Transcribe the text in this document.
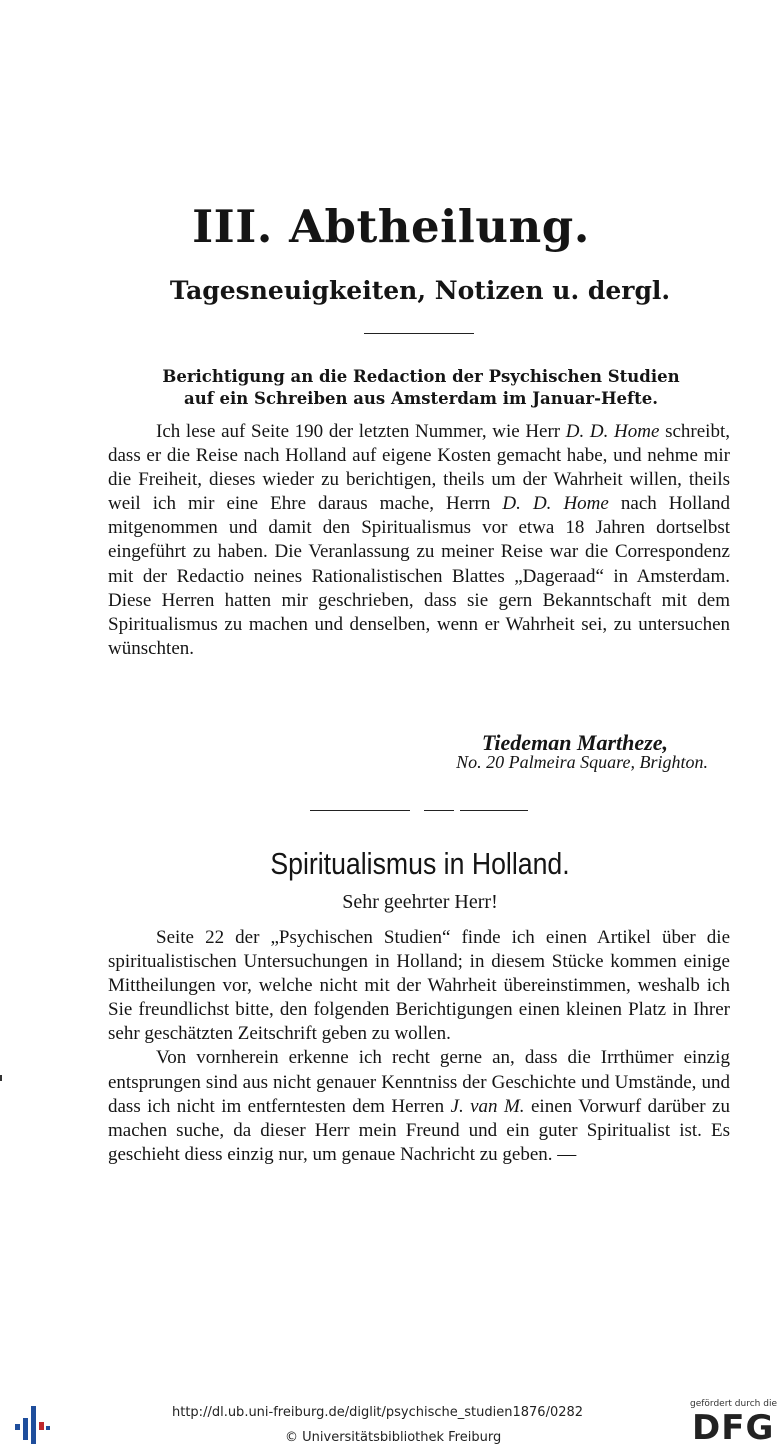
III. Abtheilung.
Tagesneuigkeiten, Notizen u. dergl.
Berichtigung an die Redaction der Psychischen Studien
auf ein Schreiben aus Amsterdam im Januar-Hefte.

Ich lese auf Seite 190 der letzten Nummer, wie Herr D. D. Home schreibt, dass er die Reise nach Holland auf eigene Kosten gemacht habe, und nehme mir die Freiheit, dieses wieder zu berichtigen, theils um der Wahrheit willen, theils weil ich mir eine Ehre daraus mache, Herrn D. D. Home nach Holland mitgenommen und damit den Spiritualismus vor etwa 18 Jahren dortselbst eingeführt zu haben. Die Veranlassung zu meiner Reise war die Correspondenz mit der Redactio neines Rationalistischen Blattes „Dageraad“ in Amsterdam. Diese Herren hatten mir geschrieben, dass sie gern Bekanntschaft mit dem Spiritualismus zu machen und denselben, wenn er Wahrheit sei, zu untersuchen wünschten.

Tiedeman Martheze,
No. 20 Palmeira Square, Brighton.
Spiritualismus in Holland.
Sehr geehrter Herr!

Seite 22 der „Psychischen Studien“ finde ich einen Artikel über die spiritualistischen Untersuchungen in Holland; in diesem Stücke kommen einige Mittheilungen vor, welche nicht mit der Wahrheit übereinstimmen, weshalb ich Sie freundlichst bitte, den folgenden Berichtigungen einen kleinen Platz in Ihrer sehr geschätzten Zeitschrift geben zu wollen.

Von vornherein erkenne ich recht gerne an, dass die Irrthümer einzig entsprungen sind aus nicht genauer Kenntniss der Geschichte und Umstände, und dass ich nicht im entferntesten dem Herren J. van M. einen Vorwurf darüber zu machen suche, da dieser Herr mein Freund und ein guter Spiritualist ist. Es geschieht diess einzig nur, um genaue Nachricht zu geben. —

http://dl.ub.uni-freiburg.de/diglit/psychische_studien1876/0282
© Universitätsbibliothek Freiburg
gefördert durch die
DFG
